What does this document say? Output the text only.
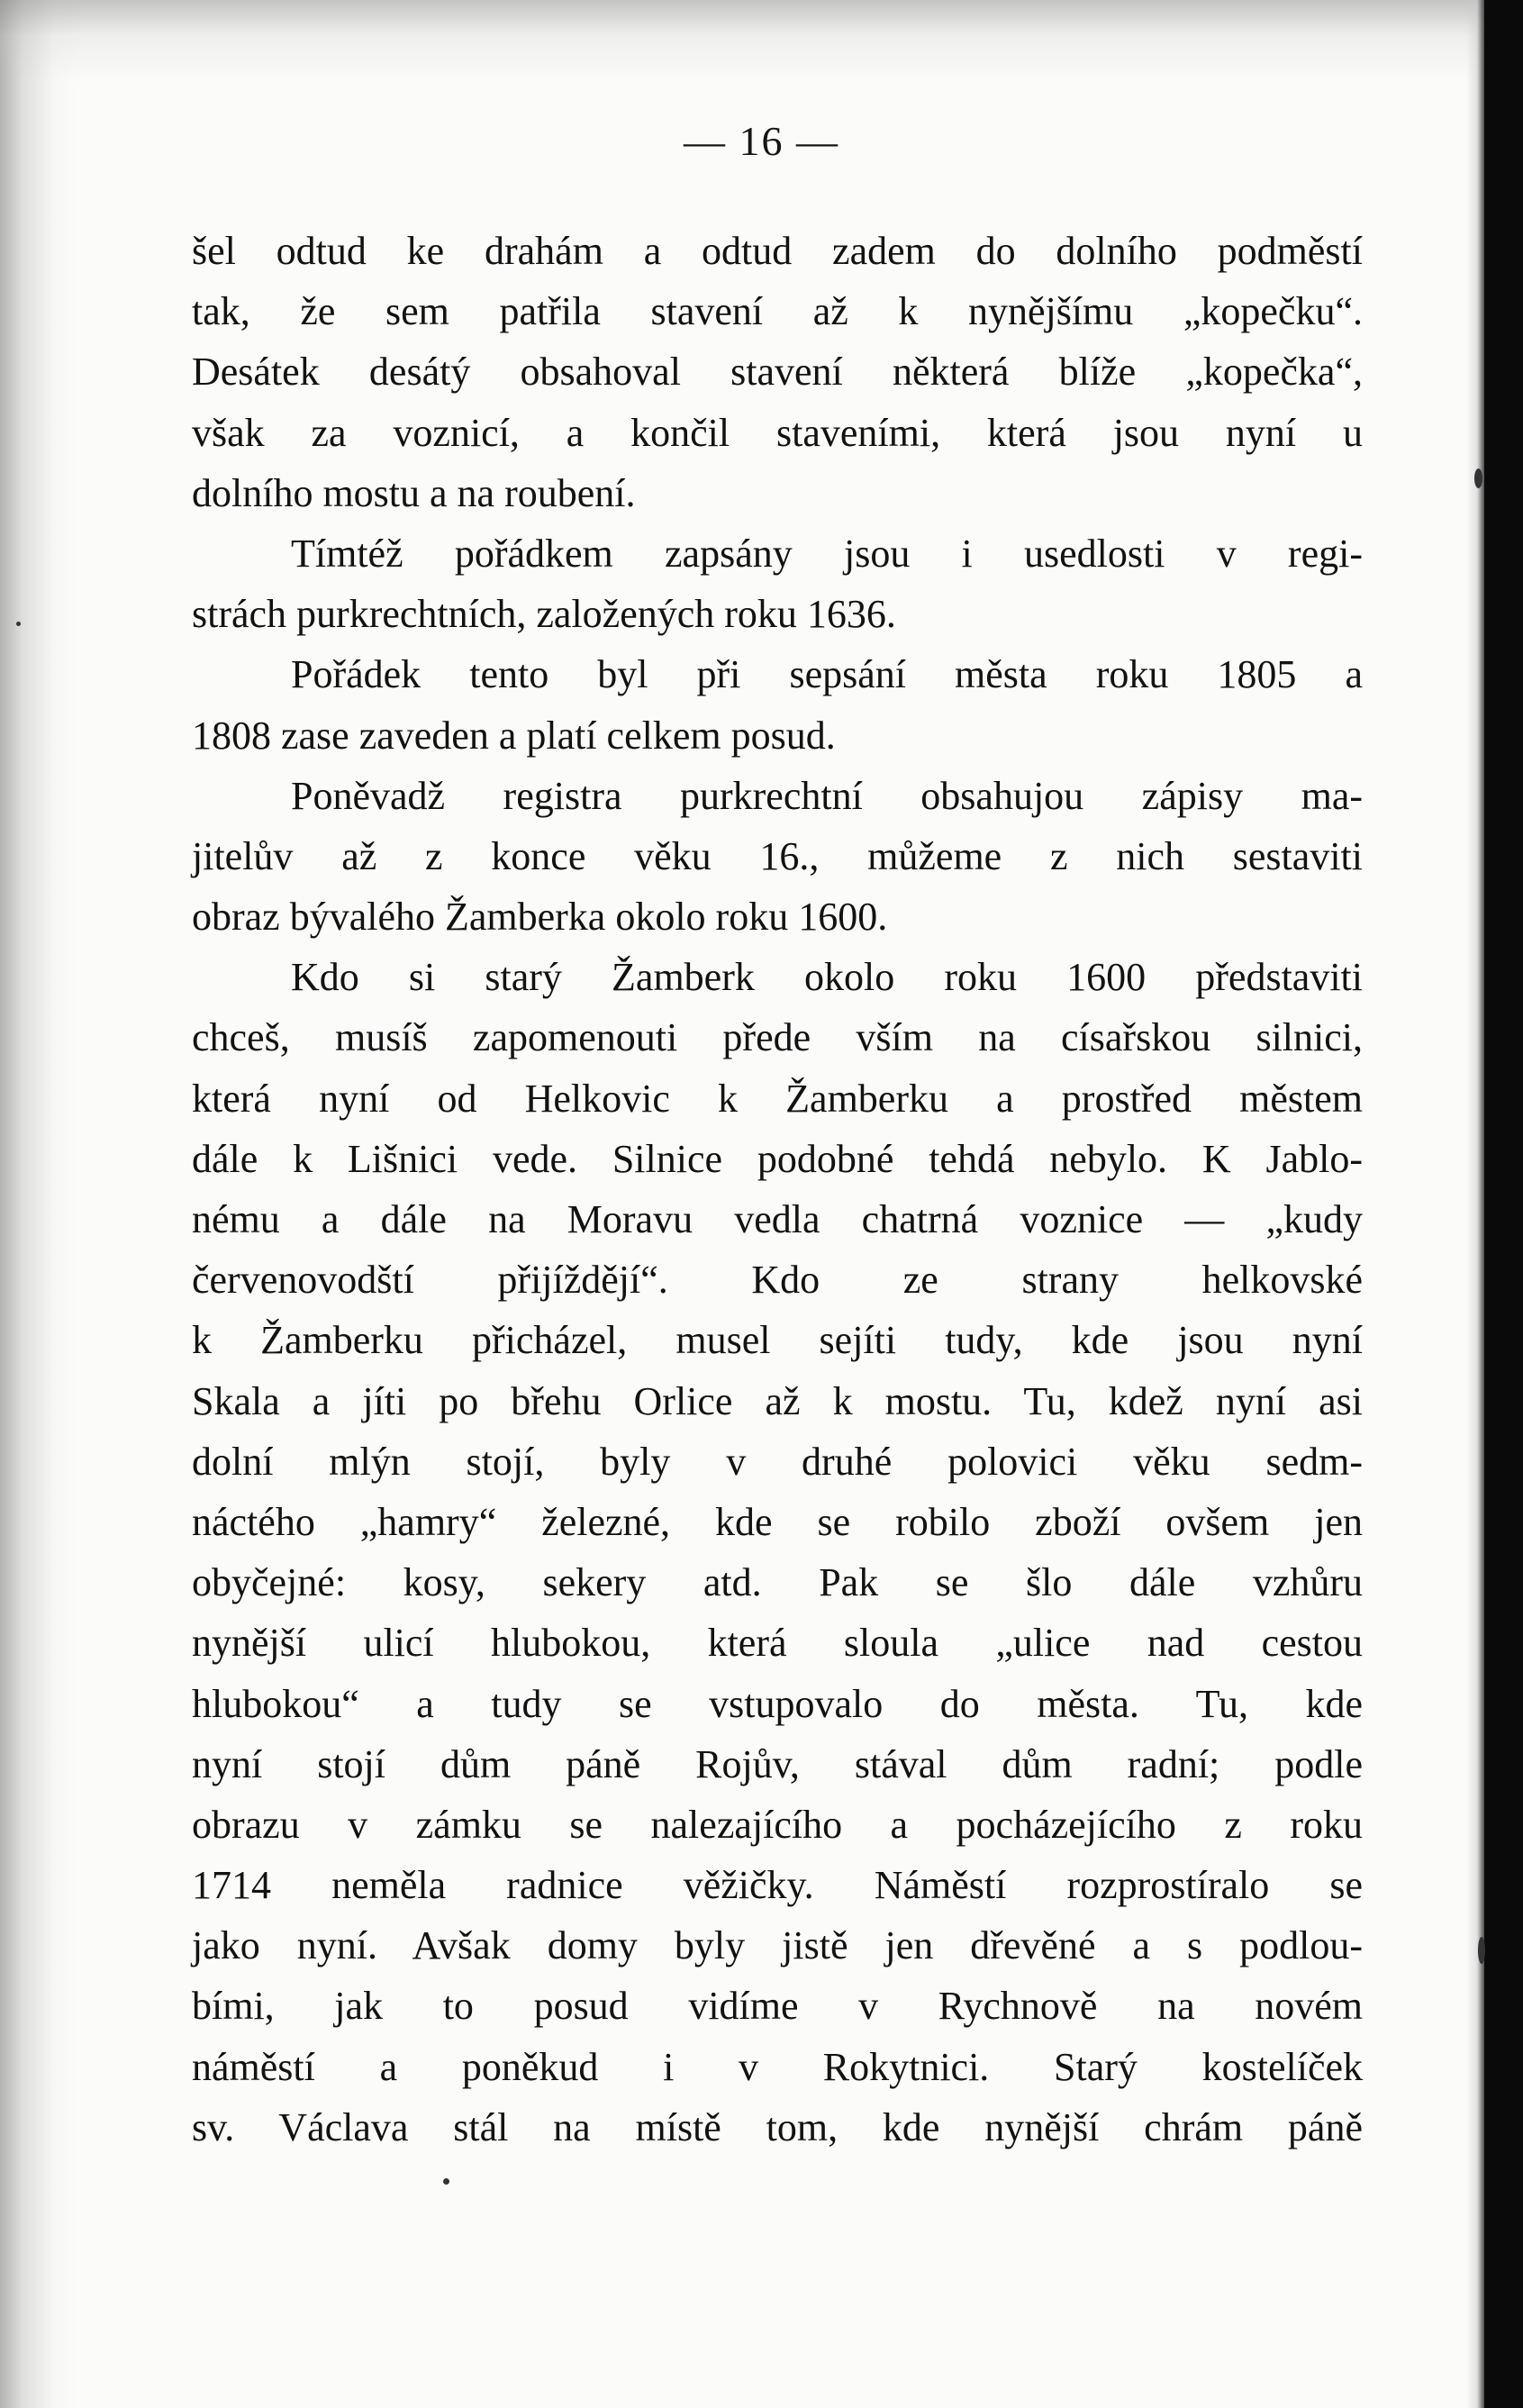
— 16 —
šel odtud ke drahám a odtud zadem do dolního podměstí
tak, že sem patřila stavení až k nynějšímu „kopečku“.
Desátek desátý obsahoval stavení některá blíže „kopečka“,
však za voznicí, a končil staveními, která jsou nyní u
dolního mostu a na roubení.
Tímtéž pořádkem zapsány jsou i usedlosti v regi-
strách purkrechtních, založených roku 1636.
Pořádek tento byl při sepsání města roku 1805 a
1808 zase zaveden a platí celkem posud.
Poněvadž registra purkrechtní obsahujou zápisy ma-
jitelův až z konce věku 16., můžeme z nich sestaviti
obraz bývalého Žamberka okolo roku 1600.
Kdo si starý Žamberk okolo roku 1600 představiti
chceš, musíš zapomenouti přede vším na císařskou silnici,
která nyní od Helkovic k Žamberku a prostřed městem
dále k Lišnici vede. Silnice podobné tehdá nebylo. K Jablo-
nému a dále na Moravu vedla chatrná voznice — „kudy
červenovodští přijíždějí“. Kdo ze strany helkovské
k Žamberku přicházel, musel sejíti tudy, kde jsou nyní
Skala a jíti po břehu Orlice až k mostu. Tu, kdež nyní asi
dolní mlýn stojí, byly v druhé polovici věku sedm-
náctého „hamry“ železné, kde se robilo zboží ovšem jen
obyčejné: kosy, sekery atd. Pak se šlo dále vzhůru
nynější ulicí hlubokou, která sloula „ulice nad cestou
hlubokou“ a tudy se vstupovalo do města. Tu, kde
nyní stojí dům páně Rojův, stával dům radní; podle
obrazu v zámku se nalezajícího a pocházejícího z roku
1714 neměla radnice věžičky. Náměstí rozprostíralo se
jako nyní. Avšak domy byly jistě jen dřevěné a s podlou-
bími, jak to posud vidíme v Rychnově na novém
náměstí a poněkud i v Rokytnici. Starý kostelíček
sv. Václava stál na místě tom, kde nynější chrám páně
